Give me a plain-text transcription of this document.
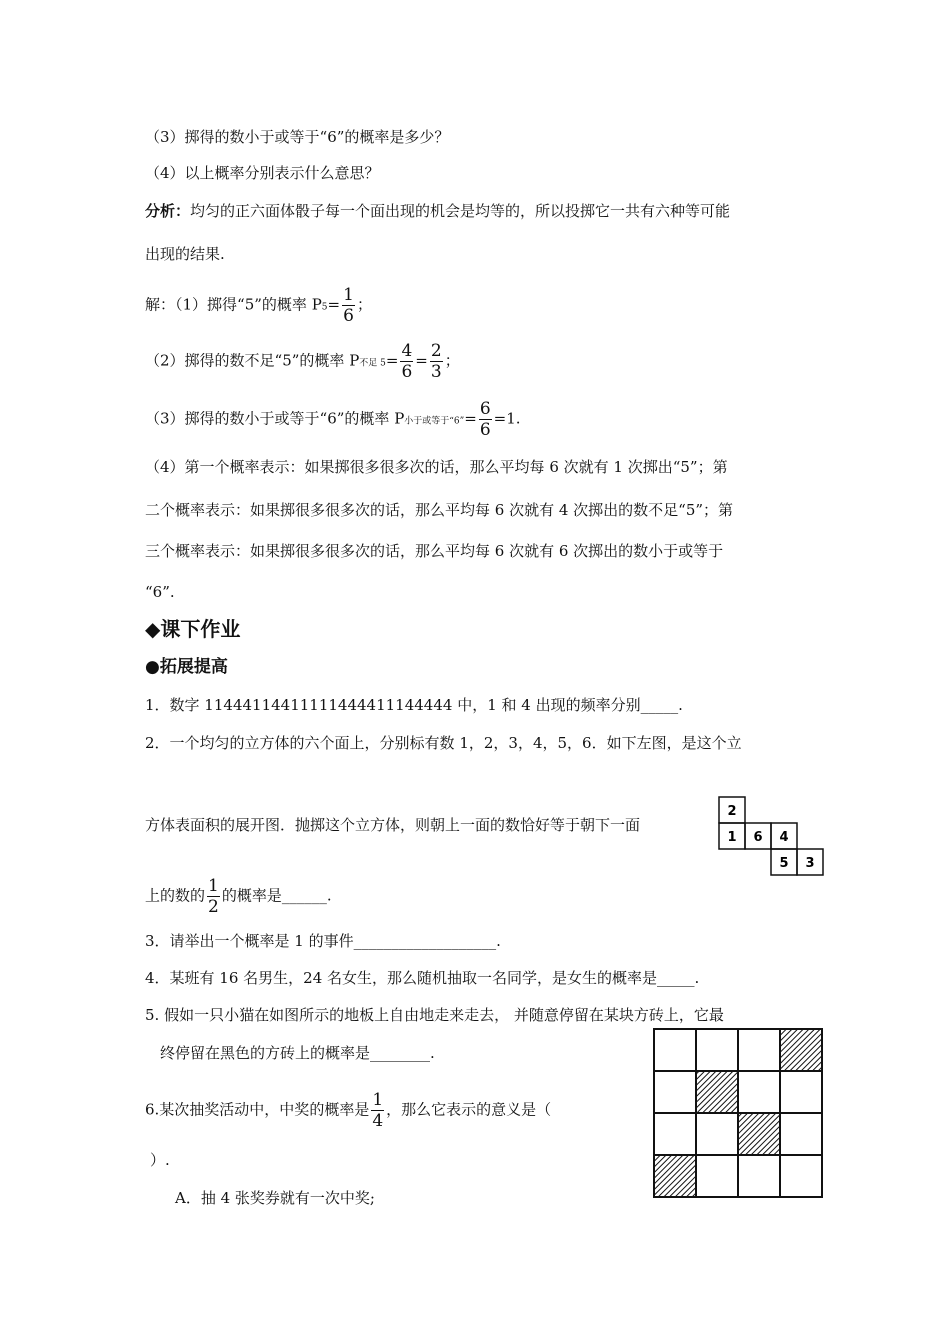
（3）掷得的数小于或等于“6”的概率是多少？
（4）以上概率分别表示什么意思？
分析：均匀的正六面体骰子每一个面出现的机会是均等的，所以投掷它一共有六种等可能
出现的结果.
解：（1）掷得“5”的概率 $P5= \frac{1}{6}$ ；
（2）掷得的数不足“5”的概率 P不足 $5= \frac{4}{6} = \frac{2}{3}$ ；
（3）掷得的数小于或等于“6”的概率 P小于或等于“6”= $\frac{6}{6} =1$.
（4）第一个概率表示：如果掷很多很多次的话，那么平均每 6 次就有 1 次掷出“5”；第
二个概率表示：如果掷很多很多次的话，那么平均每 6 次就有 4 次掷出的数不足“5”；第
三个概率表示：如果掷很多很多次的话，那么平均每 6 次就有 6 次掷出的数小于或等于
“6”.
◆课下作业
●拓展提高
1．数字 11444114411111444411144444 中，1 和 4 出现的频率分别_____.
2．一个均匀的立方体的六个面上，分别标有数 1，2，3，4，5，6．如下左图，是这个立
方体表面积的展开图．抛掷这个立方体，则朝上一面的数恰好等于朝下一面
上的数的 $\frac{1}{2}$ 的概率是______.
2
1 6 4
5 3
3．请举出一个概率是 1 的事件___________________.
4．某班有 16 名男生，24 名女生，那么随机抽取一名同学，是女生的概率是_____.
5. 假如一只小猫在如图所示的地板上自由地走来走去， 并随意停留在某块方砖上，它最
终停留在黑色的方砖上的概率是________.
6.某次抽奖活动中，中奖的概率是 $\frac{1}{4}$ ，那么它表示的意义是（
）.
A．抽 4 张奖券就有一次中奖;
